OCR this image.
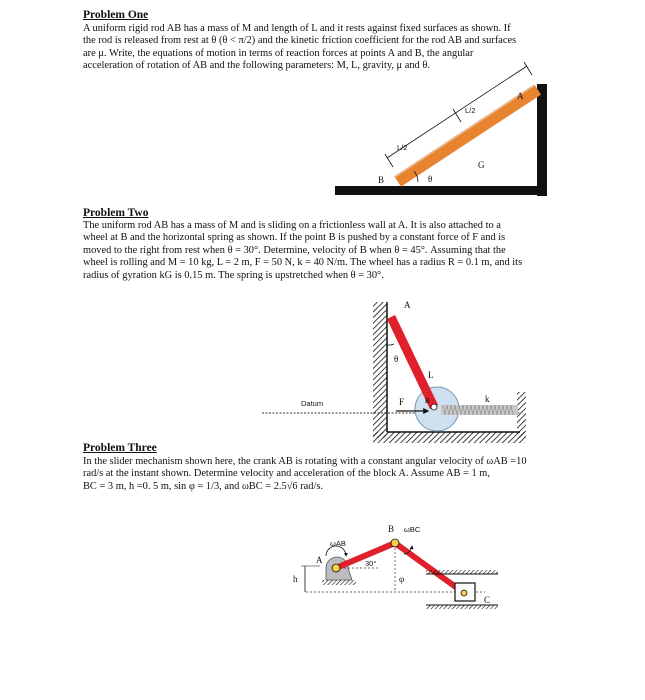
Problem One
A uniform rigid rod AB has a mass of M and length of L and it rests against fixed surfaces as shown. If
the rod is released from rest at θ (θ < π/2) and the kinetic friction coefficient for the rod AB and surfaces
are μ. Write, the equations of motion in terms of reaction forces at points A and B, the angular
acceleration of rotation of AB and the following parameters: M, L, gravity, μ and θ.
L/2
L/2
A
B
G
θ
Problem Two
The uniform rod AB has a mass of M and is sliding on a frictionless wall at A. It is also attached to a
wheel at B and the horizontal spring as shown. If the point B is pushed by a constant force of F and is
moved to the right from rest when θ = 30°. Determine, velocity of B when θ = 45°. Assuming that the
wheel is rolling and M = 10 kg, L = 2 m, F = 50 N, k = 40 N/m. The wheel has a radius R = 0.1 m, and its
radius of gyration kG is 0.15 m. The spring is upstretched when θ = 30°.
Datum	k
θ
A
L
B
F
Problem Three
In the slider mechanism shown here, the crank AB is rotating with a constant angular velocity of ωAB =10
rad/s at the instant shown. Determine velocity and acceleration of the block A. Assume AB = 1 m,
BC = 3 m, h =0. 5 m, sin φ = 1/3, and ωBC = 2.5√6 rad/s.
h
A
B
C
ωAB
ωBC
30°
φ
